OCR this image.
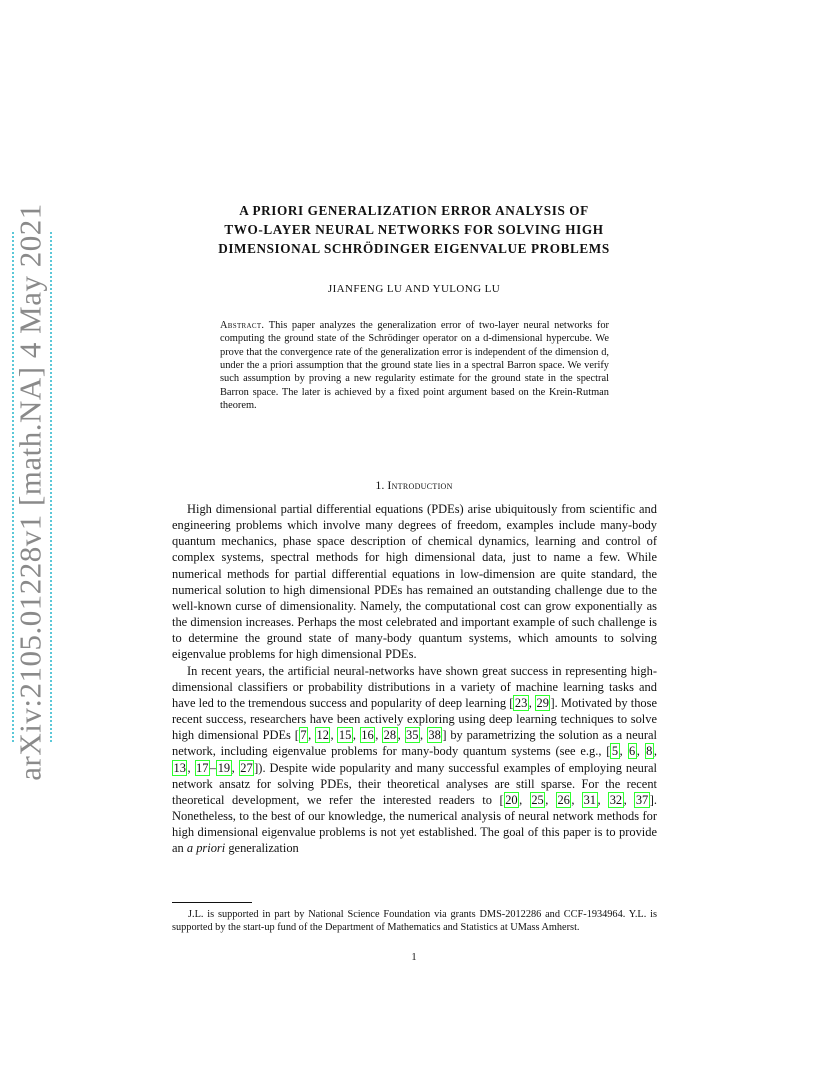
arXiv:2105.01228v1 [math.NA] 4 May 2021	A PRIORI GENERALIZATION ERROR ANALYSIS OF
TWO-LAYER NEURAL NETWORKS FOR SOLVING HIGH
DIMENSIONAL SCHRÖDINGER EIGENVALUE PROBLEMS
JIANFENG LU AND YULONG LU
Abstract. This paper analyzes the generalization error of two-layer neural networks for computing the ground state of the Schrödinger operator on a d-dimensional hypercube. We prove that the convergence rate of the generalization error is independent of the dimension d, under the a priori assumption that the ground state lies in a spectral Barron space. We verify such assumption by proving a new regularity estimate for the ground state in the spectral Barron space. The later is achieved by a fixed point argument based on the Krein-Rutman theorem.
1. Introduction

High dimensional partial differential equations (PDEs) arise ubiquitously from scientific and engineering problems which involve many degrees of freedom, examples include many-body quantum mechanics, phase space description of chemical dynamics, learning and control of complex systems, spectral methods for high dimensional data, just to name a few. While numerical methods for partial differential equations in low-dimension are quite standard, the numerical solution to high dimensional PDEs has remained an outstanding challenge due to the well-known curse of dimensionality. Namely, the computational cost can grow exponentially as the dimension increases. Perhaps the most celebrated and important example of such challenge is to determine the ground state of many-body quantum systems, which amounts to solving eigenvalue problems for high dimensional PDEs.

In recent years, the artificial neural-networks have shown great success in representing high-dimensional classifiers or probability distributions in a variety of machine learning tasks and have led to the tremendous success and popularity of deep learning [ 23 , 29 ]. Motivated by those recent success, researchers have been actively exploring using deep learning techniques to solve high dimensional PDEs [ 7 , 12 , 15 , 16 , 28 , 35 , 38 ] by parametrizing the solution as a neural network, including eigenvalue problems for many-body quantum systems (see e.g., [ 5 , 6 , 8 , 13 , 17 – 19 , 27 ]). Despite wide popularity and many successful examples of employing neural network ansatz for solving PDEs, their theoretical analyses are still sparse. For the recent theoretical development, we refer the interested readers to [ 20 , 25 , 26 , 31 , 32 , 37 ]. Nonetheless, to the best of our knowledge, the numerical analysis of neural network methods for high dimensional eigenvalue problems is not yet established. The goal of this paper is to provide an a priori generalization

J.L. is supported in part by National Science Foundation via grants DMS-2012286 and CCF-1934964. Y.L. is supported by the start-up fund of the Department of Mathematics and Statistics at UMass Amherst.
1
